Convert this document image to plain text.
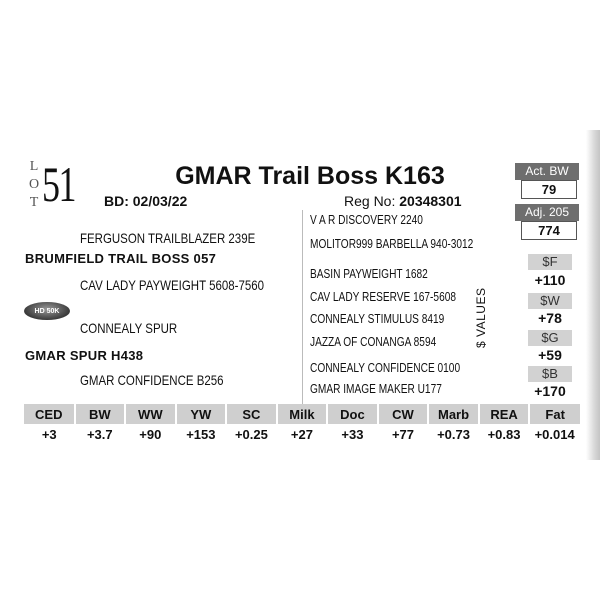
L
O
T 51	GMAR Trail Boss K163
BD: 02/03/22	Reg No: 20348301
FERGUSON TRAILBLAZER 239E
BRUMFIELD TRAIL BOSS 057
CAV LADY PAYWEIGHT 5608-7560
HD 50K
CONNEALY SPUR
GMAR SPUR H438
GMAR CONFIDENCE B256
V A R DISCOVERY 2240
MOLITOR999 BARBELLA 940-3012
BASIN PAYWEIGHT 1682
CAV LADY RESERVE 167-5608
CONNEALY STIMULUS 8419
JAZZA OF CONANGA 8594
CONNEALY CONFIDENCE 0100
GMAR IMAGE MAKER U177
Act. BW
79
Adj. 205
774
$ VALUES
$F
+110
$W
+78
$G
+59
$B
+170
CED	BW	WW	YW	SC	Milk	Doc	CW	Marb	REA	Fat
+3	+3.7	+90	+153	+0.25	+27	+33	+77	+0.73	+0.83	+0.014
